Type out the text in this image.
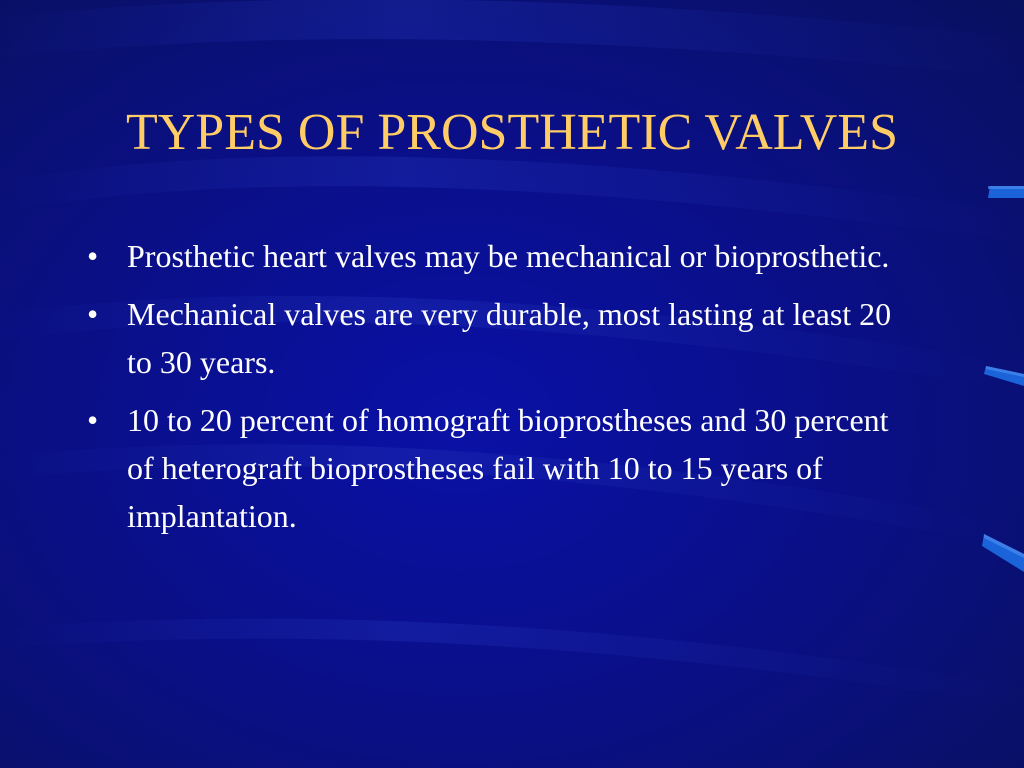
TYPES OF PROSTHETIC VALVES
• Prosthetic heart valves may be mechanical or bioprosthetic.
• Mechanical valves are very durable, most lasting at least 20 to 30 years.
• 10 to 20 percent of homograft bioprostheses and 30 percent of heterograft bioprostheses fail with 10 to 15 years of implantation.
